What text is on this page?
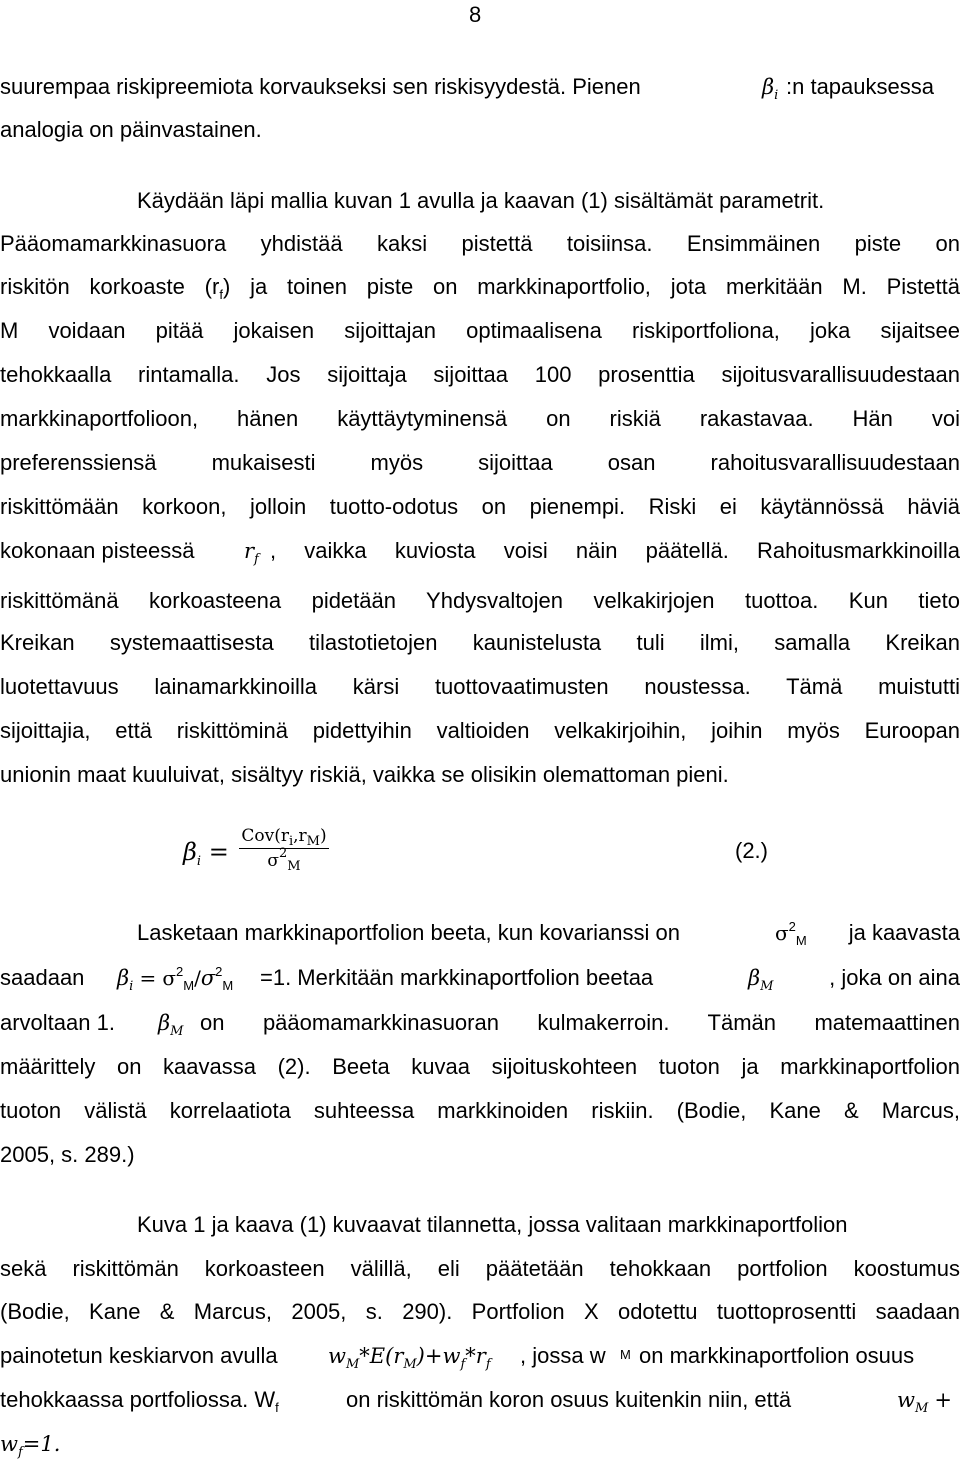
8
suurempaa riskipreemiota korvaukseksi sen riskisyydestä. Pienen	$\beta_i$ :n tapauksessa
analogia on päinvastainen.
Käydään läpi mallia kuvan 1 avulla ja kaavan (1) sisältämät parametrit.
Pääomamarkkinasuora yhdistää kaksi pistettä toisiinsa. Ensimmäinen piste on
riskitön korkoaste $(r_f)$ ja toinen piste on markkinaportfolio, jota merkitään M. Pistettä
M voidaan pitää jokaisen sijoittajan optimaalisena riskiportfoliona, joka sijaitsee
tehokkaalla rintamalla. Jos sijoittaja sijoittaa 100 prosenttia sijoitusvarallisuudestaan
markkinaportfolioon, hänen käyttäytyminensä on riskiä rakastavaa. Hän voi
preferenssiensä mukaisesti myös sijoittaa osan rahoitusvarallisuudestaan
riskittömään korkoon, jolloin tuotto-odotus on pienempi. Riski ei käytännössä häviä
kokonaan pisteessä $r_f$ , vaikka kuviosta voisi näin päätellä. Rahoitusmarkkinoilla
riskittömänä korkoasteena pidetään Yhdysvaltojen velkakirjojen tuottoa. Kun tieto
Kreikan systemaattisesta tilastotietojen kaunistelusta tuli ilmi, samalla Kreikan
luotettavuus lainamarkkinoilla kärsi tuottovaatimusten noustessa. Tämä muistutti
sijoittajia, että riskittöminä pidettyihin valtioiden velkakirjoihin, joihin myös Euroopan
unionin maat kuuluivat, sisältyy riskiä, vaikka se olisikin olemattoman pieni.
$\beta_i$ =
$Cov(r_i,r_M)$
$\sigma^2_M$
(2.)
Lasketaan markkinaportfolion beeta, kun kovarianssi on	$\sigma^2_M$ ja kaavasta
saadaan $\beta_i = \sigma^2_M/\sigma^2_M =1$. Merkitään markkinaportfolion beetaa	$\beta_M$	, joka on aina
arvoltaan 1. $\beta_M$ on pääomamarkkinasuoran kulmakerroin. Tämän matemaattinen
määrittely on kaavassa (2). Beeta kuvaa sijoituskohteen tuoton ja markkinaportfolion
tuoton välistä korrelaatiota suhteessa markkinoiden riskiin. (Bodie, Kane & Marcus,
2005, s. 289.)
Kuva 1 ja kaava (1) kuvaavat tilannetta, jossa valitaan markkinaportfolion
sekä riskittömän korkoasteen välillä, eli päätetään tehokkaan portfolion koostumus
(Bodie, Kane & Marcus, 2005, s. 290). Portfolion X odotettu tuottoprosentti saadaan
painotetun keskiarvon avulla $w_M*E(r_M)+w_f*r_f$ , jossa w M on markkinaportfolion osuus
tehokkaassa portfoliossa. $W_f$	on riskittömän koron osuus kuitenkin niin, että	$w_M$ +
$w_f=1$.
